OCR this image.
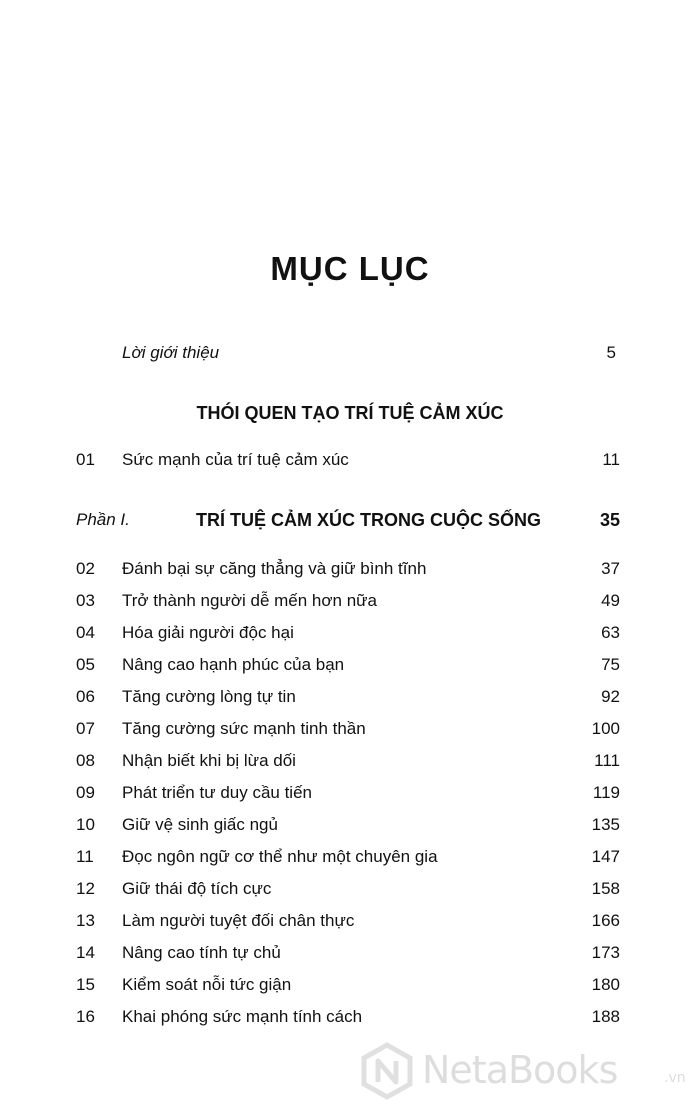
MỤC LỤC
Lời giới thiệu	5
THÓI QUEN TẠO TRÍ TUỆ CẢM XÚC
01 Sức mạnh của trí tuệ cảm xúc	11
Phần I.	TRÍ TUỆ CẢM XÚC TRONG CUỘC SỐNG	35
02 Đánh bại sự căng thẳng và giữ bình tĩnh	37
03 Trở thành người dễ mến hơn nữa	49
04 Hóa giải người độc hại	63
05 Nâng cao hạnh phúc của bạn	75
06 Tăng cường lòng tự tin	92
07 Tăng cường sức mạnh tinh thần	100
08 Nhận biết khi bị lừa dối	111
09 Phát triển tư duy cầu tiến	119
10 Giữ vệ sinh giấc ngủ	135
11 Đọc ngôn ngữ cơ thể như một chuyên gia	147
12 Giữ thái độ tích cực	158
13 Làm người tuyệt đối chân thực	166
14 Nâng cao tính tự chủ	173
15 Kiểm soát nỗi tức giận	180
16 Khai phóng sức mạnh tính cách	188
NetaBooks	.vn
